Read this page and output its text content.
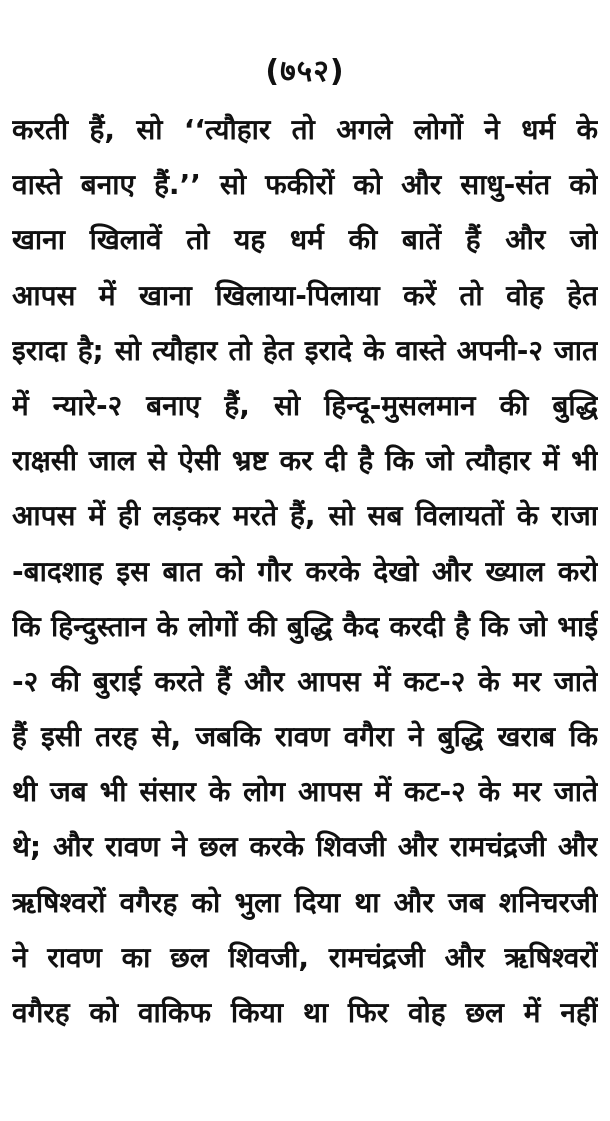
(७५२)
करती हैं, सो ‘‘त्यौहार तो अगले लोगों ने धर्म के
वास्ते बनाए हैं.’’ सो फकीरों को और साधु-संत को
खाना खिलावें तो यह धर्म की बातें हैं और जो
आपस में खाना खिलाया-पिलाया करें तो वोह हेत
इरादा है; सो त्यौहार तो हेत इरादे के वास्ते अपनी-२ जात
में न्यारे-२ बनाए हैं, सो हिन्दू-मुसलमान की बुद्धि
राक्षसी जाल से ऐसी भ्रष्ट कर दी है कि जो त्यौहार में भी
आपस में ही लड़कर मरते हैं, सो सब विलायतों के राजा
-बादशाह इस बात को गौर करके देखो और ख्याल करो
कि हिन्दुस्तान के लोगों की बुद्धि कैद करदी है कि जो भाई
-२ की बुराई करते हैं और आपस में कट-२ के मर जाते
हैं इसी तरह से, जबकि रावण वगैरा ने बुद्धि खराब कि
थी जब भी संसार के लोग आपस में कट-२ के मर जाते
थे; और रावण ने छल करके शिवजी और रामचंद्रजी और
ऋषिश्वरों वगैरह को भुला दिया था और जब शनिचरजी
ने रावण का छल शिवजी, रामचंद्रजी और ऋषिश्वरों
वगैरह को वाकिफ किया था फिर वोह छल में नहीं
